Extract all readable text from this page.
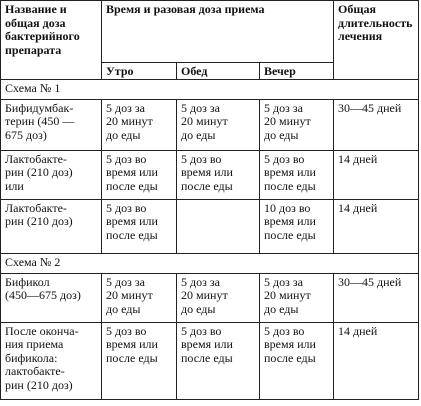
Название и
общая доза
бактерийного
препарата	Время и разовая доза приема			Общая
длительность
лечения
	Утро	Обед	Вечер	
Схема № 1				
Бифидумбак-
терин (450 —
675 доз)	5 доз за
20 минут
до еды	5 доз за
20 минут
до еды	5 доз за
20 минут
до еды	30—45 дней
Лактобакте-
рин (210 доз)
или	5 доз во
время или
после еды	5 доз во
время или
после еды	5 доз во
время или
после еды	14 дней
Лактобакте-
рин (210 доз)	5 доз во
время или
после еды		10 доз во
время или
после еды	14 дней
Схема № 2				
Бификол
(450—675 доз)	5 доз за
20 минут
до еды	5 доз за
20 минут
до еды	5 доз за
20 минут
до еды	30—45 дней
После оконча-
ния приема
бификола:
лактобакте-
рин (210 доз)	5 доз во
время или
после еды	5 доз во
время или
после еды	5 доз во
время или
после еды	14 дней
